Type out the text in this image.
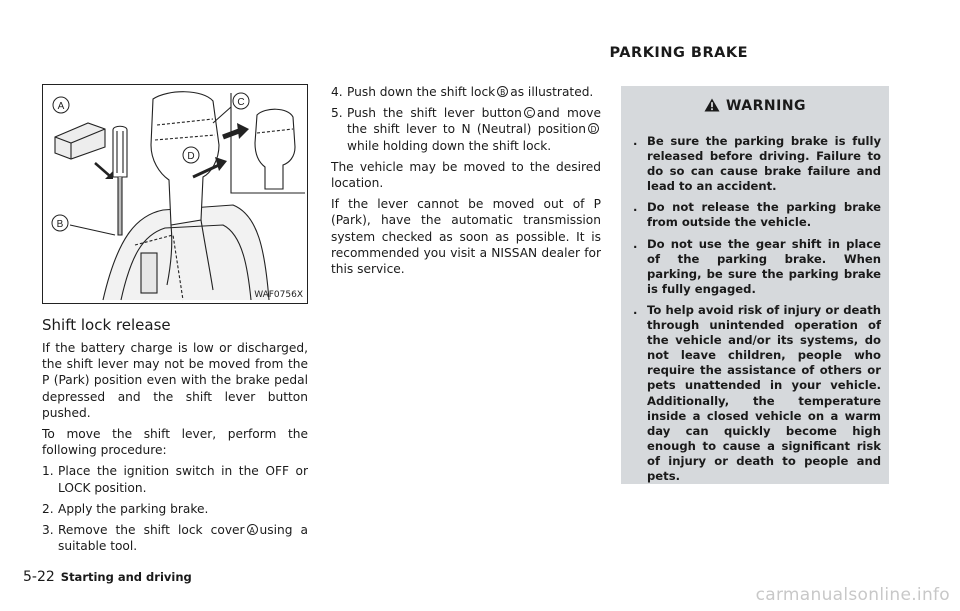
PARKING BRAKE
A
B
C
D
WAF0756X
Shift lock release

If the battery charge is low or discharged, the shift lever may not be moved from the P (Park) position even with the brake pedal depressed and the shift lever button pushed.

To move the shift lever, perform the following procedure:

1. Place the ignition switch in the OFF or LOCK position.
2. Apply the parking brake.
3. Remove the shift lock cover A using a suitable tool.
4. Push down the shift lock B as illustrated.
5. Push the shift lever button C and move the shift lever to N (Neutral) position Dwhile holding down the shift lock.

The vehicle may be moved to the desired location.

If the lever cannot be moved out of P (Park), have the automatic transmission system checked as soon as possible. It is recommended you visit a NISSAN dealer for this service.

WARNING
. Be sure the parking brake is fully released before driving. Failure to do so can cause brake failure and lead to an accident.
. Do not release the parking brake from outside the vehicle.
. Do not use the gear shift in place of the parking brake. When parking, be sure the parking brake is fully engaged.
. To help avoid risk of injury or death through unintended operation of the vehicle and/or its systems, do not leave children, people who require the assistance of others or pets unattended in your vehicle. Additionally, the temperature inside a closed vehicle on a warm day can quickly become high enough to cause a significant risk of injury or death to people and pets.
5-22 Starting and driving
carmanualsonline.info
